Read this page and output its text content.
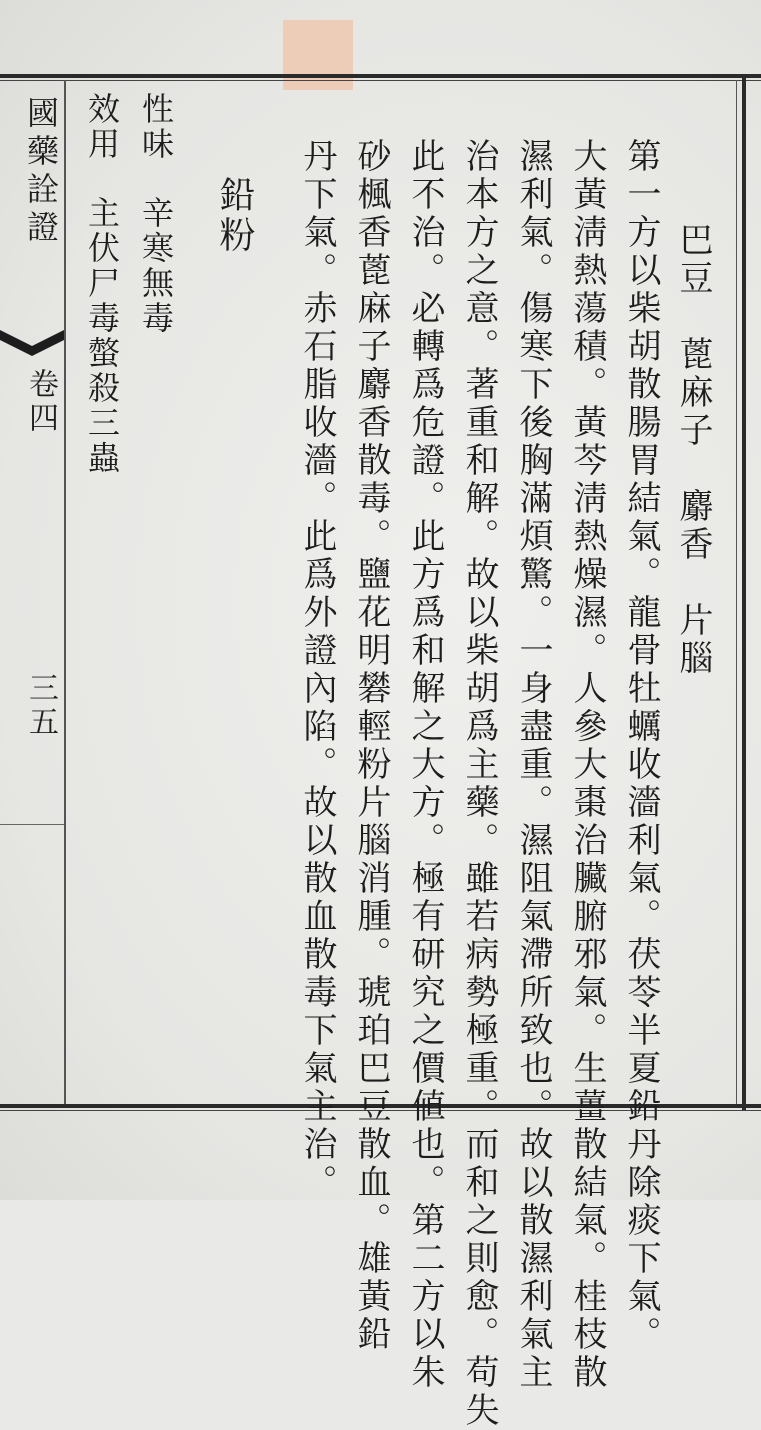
國藥詮證
卷四
三五
巴豆　蓖麻子　麝香　片腦
第一方以柴胡散腸胃結氣。龍骨牡蠣收濇利氣。茯苓半夏鉛丹除痰下氣。
大黃淸熱蕩積。黃芩淸熱燥濕。人參大棗治臟腑邪氣。生薑散結氣。桂枝散
濕利氣。傷寒下後胸滿煩驚。一身盡重。濕阻氣滯所致也。故以散濕利氣主
治本方之意。著重和解。故以柴胡爲主藥。雖若病勢極重。而和之則愈。苟失
此不治。必轉爲危證。此方爲和解之大方。極有研究之價値也。第二方以朱
砂楓香蓖麻子麝香散毒。鹽花明礬輕粉片腦消腫。琥珀巴豆散血。雄黃鉛
丹下氣。赤石脂收濇。此爲外證內陷。故以散血散毒下氣主治。
鉛粉
性味
辛寒無毒
效用
主伏尸毒螫殺三蟲
